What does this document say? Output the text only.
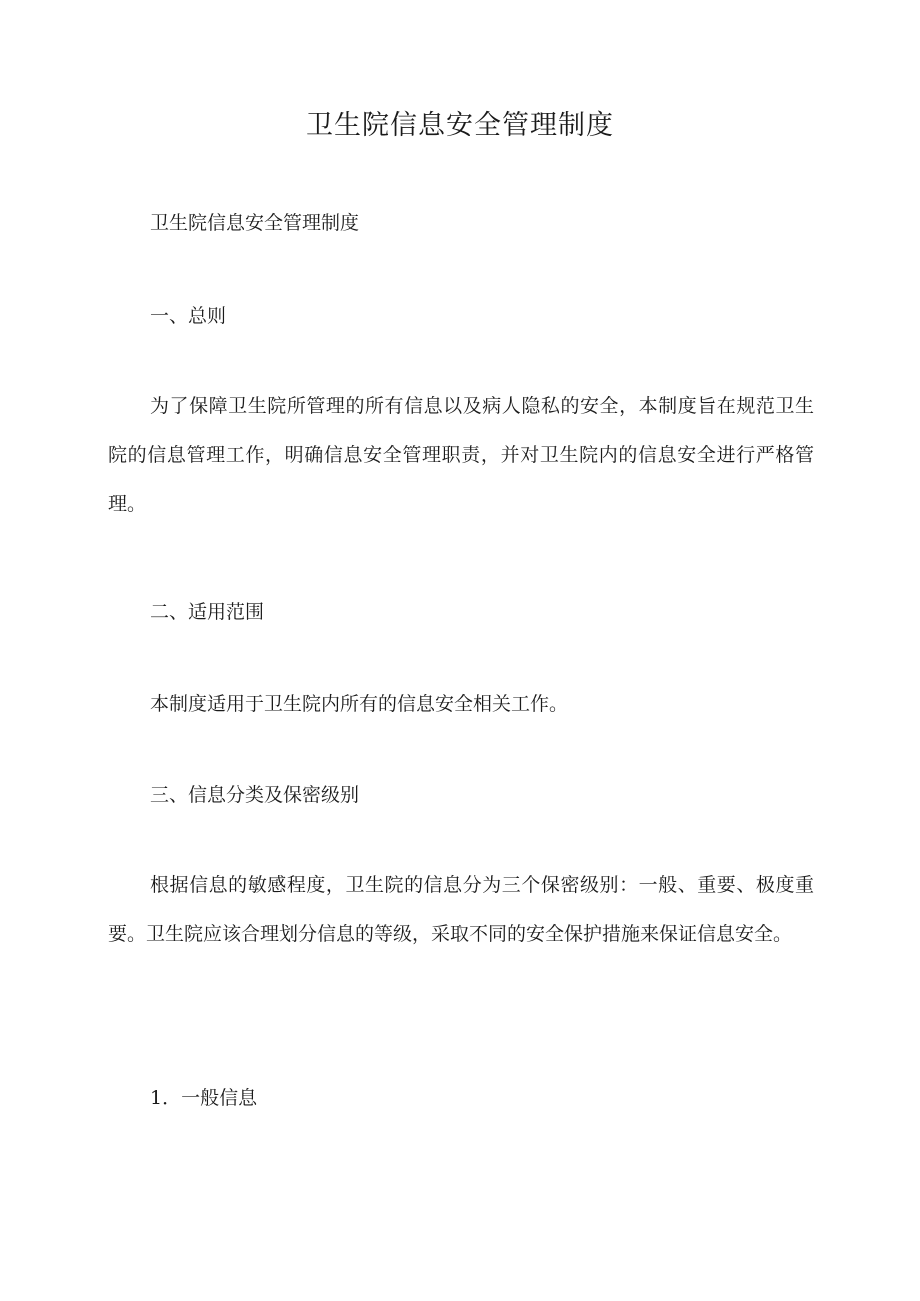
卫生院信息安全管理制度

卫生院信息安全管理制度

一、总则

为了保障卫生院所管理的所有信息以及病人隐私的安全，本制度旨在规范卫生院的信息管理工作，明确信息安全管理职责，并对卫生院内的信息安全进行严格管理。

二、适用范围

本制度适用于卫生院内所有的信息安全相关工作。

三、信息分类及保密级别

根据信息的敏感程度，卫生院的信息分为三个保密级别：一般、重要、极度重要。卫生院应该合理划分信息的等级，采取不同的安全保护措施来保证信息安全。

1．一般信息
